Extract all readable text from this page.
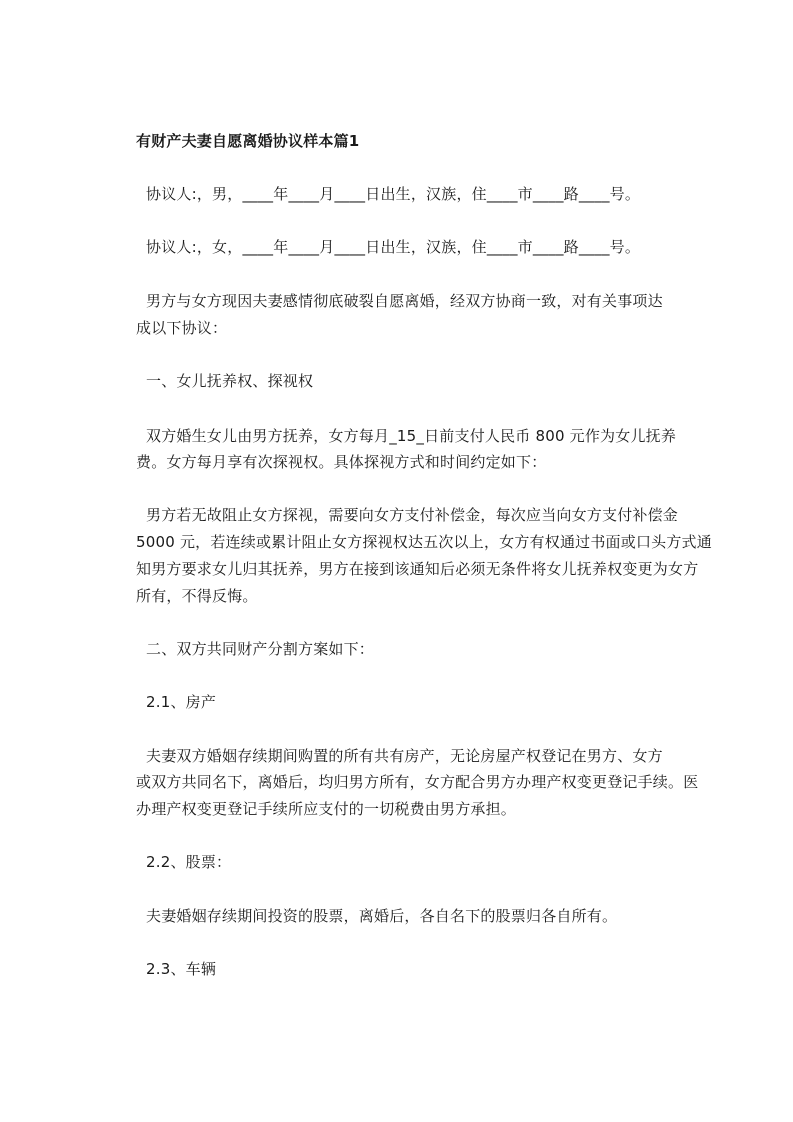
有财产夫妻自愿离婚协议样本篇1
协议人:，男，____年____月____日出生，汉族，住____市____路____号。
协议人:，女，____年____月____日出生，汉族，住____市____路____号。
男方与女方现因夫妻感情彻底破裂自愿离婚，经双方协商一致，对有关事项达
成以下协议：
一、女儿抚养权、探视权
双方婚生女儿由男方抚养，女方每月_15_日前支付人民币 800 元作为女儿抚养
费。女方每月享有次探视权。具体探视方式和时间约定如下：
男方若无故阻止女方探视，需要向女方支付补偿金，每次应当向女方支付补偿金
5000 元，若连续或累计阻止女方探视权达五次以上，女方有权通过书面或口头方式通
知男方要求女儿归其抚养，男方在接到该通知后必须无条件将女儿抚养权变更为女方
所有，不得反悔。
二、双方共同财产分割方案如下：
2.1、房产
夫妻双方婚姻存续期间购置的所有共有房产，无论房屋产权登记在男方、女方
或双方共同名下，离婚后，均归男方所有，女方配合男方办理产权变更登记手续。医
办理产权变更登记手续所应支付的一切税费由男方承担。
2.2、股票：
夫妻婚姻存续期间投资的股票，离婚后，各自名下的股票归各自所有。
2.3、车辆
